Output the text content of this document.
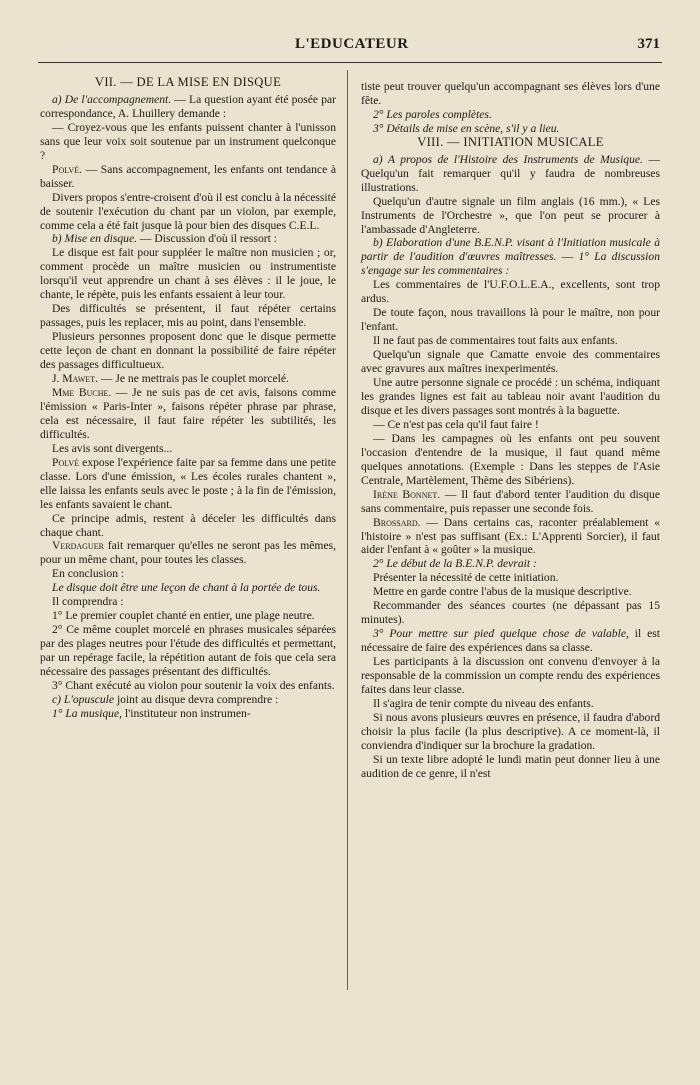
L'EDUCATEUR	371
VII. — DE LA MISE EN DISQUE

a) De l'accompagnement. — La question ayant été posée par correspondance, A. Lhuillery demande :

— Croyez-vous que les enfants puissent chanter à l'unisson sans que leur voix soit soutenue par un instrument quelconque ?

Polvé. — Sans accompagnement, les enfants ont tendance à baisser.

Divers propos s'entre-croisent d'où il est conclu à la nécessité de soutenir l'exécution du chant par un violon, par exemple, comme cela a été fait jusque là pour bien des disques C.E.L.

b) Mise en disque. — Discussion d'où il ressort :

Le disque est fait pour suppléer le maître non musicien ; or, comment procède un maître musicien ou instrumentiste lorsqu'il veut apprendre un chant à ses élèves : il le joue, le chante, le répète, puis les enfants essaient à leur tour.

Des difficultés se présentent, il faut répéter certains passages, puis les replacer, mis au point, dans l'ensemble.

Plusieurs personnes proposent donc que le disque permette cette leçon de chant en donnant la possibilité de faire répéter des passages difficultueux.

J. Mawet. — Je ne mettrais pas le couplet morcelé.

Mme Buche. — Je ne suis pas de cet avis, faisons comme l'émission « Paris-Inter », faisons répéter phrase par phrase, cela est nécessaire, il faut faire répéter les subtilités, les difficultés.

Les avis sont divergents...

Polvé expose l'expérience faite par sa femme dans une petite classe. Lors d'une émission, « Les écoles rurales chantent », elle laissa les enfants seuls avec le poste ; à la fin de l'émission, les enfants savaient le chant.

Ce principe admis, restent à déceler les difficultés dans chaque chant.

Verdaguer fait remarquer qu'elles ne seront pas les mêmes, pour un même chant, pour toutes les classes.

En conclusion :

Le disque doit être une leçon de chant à la portée de tous.

Il comprendra :

1° Le premier couplet chanté en entier, une plage neutre.

2° Ce même couplet morcelé en phrases musicales séparées par des plages neutres pour l'étude des difficultés et permettant, par un repérage facile, la répétition autant de fois que cela sera nécessaire des passages présentant des difficultés.

3° Chant exécuté au violon pour soutenir la voix des enfants.

c) L'opuscule joint au disque devra comprendre :

1° La musique, l'instituteur non instrumen-

tiste peut trouver quelqu'un accompagnant ses élèves lors d'une fête.

2° Les paroles complètes.

3° Détails de mise en scène, s'il y a lieu.

VIII. — INITIATION MUSICALE

a) A propos de l'Histoire des Instruments de Musique. — Quelqu'un fait remarquer qu'il y faudra de nombreuses illustrations.

Quelqu'un d'autre signale un film anglais (16 mm.), « Les Instruments de l'Orchestre », que l'on peut se procurer à l'ambassade d'Angleterre.

b) Elaboration d'une B.E.N.P. visant à l'Initiation musicale à partir de l'audition d'œuvres maîtresses. — 1° La discussion s'engage sur les commentaires :

Les commentaires de l'U.F.O.L.E.A., excellents, sont trop ardus.

De toute façon, nous travaillons là pour le maître, non pour l'enfant.

Il ne faut pas de commentaires tout faits aux enfants.

Quelqu'un signale que Camatte envoie des commentaires avec gravures aux maîtres inexperimentés.

Une autre personne signale ce procédé : un schéma, indiquant les grandes lignes est fait au tableau noir avant l'audition du disque et les divers passages sont montrés à la baguette.

— Ce n'est pas cela qu'il faut faire !

— Dans les campagnes où les enfants ont peu souvent l'occasion d'entendre de la musique, il faut quand même quelques annotations. (Exemple : Dans les steppes de l'Asie Centrale, Martèlement, Thème des Sibériens).

Irène Bonnet. — Il faut d'abord tenter l'audition du disque sans commentaire, puis repasser une seconde fois.

Brossard. — Dans certains cas, raconter préalablement « l'histoire » n'est pas suffisant (Ex.: L'Apprenti Sorcier), il faut aider l'enfant à « goûter » la musique.

2° Le début de la B.E.N.P. devrait :

Présenter la nécessité de cette initiation.

Mettre en garde contre l'abus de la musique descriptive.

Recommander des séances courtes (ne dépassant pas 15 minutes).

3° Pour mettre sur pied quelque chose de valable, il est nécessaire de faire des expériences dans sa classe.

Les participants à la discussion ont convenu d'envoyer à la responsable de la commission un compte rendu des expériences faites dans leur classe.

Il s'agira de tenir compte du niveau des enfants.

Si nous avons plusieurs œuvres en présence, il faudra d'abord choisir la plus facile (la plus descriptive). A ce moment-là, il conviendra d'indiquer sur la brochure la gradation.

Si un texte libre adopté le lundi matin peut donner lieu à une audition de ce genre, il n'est
